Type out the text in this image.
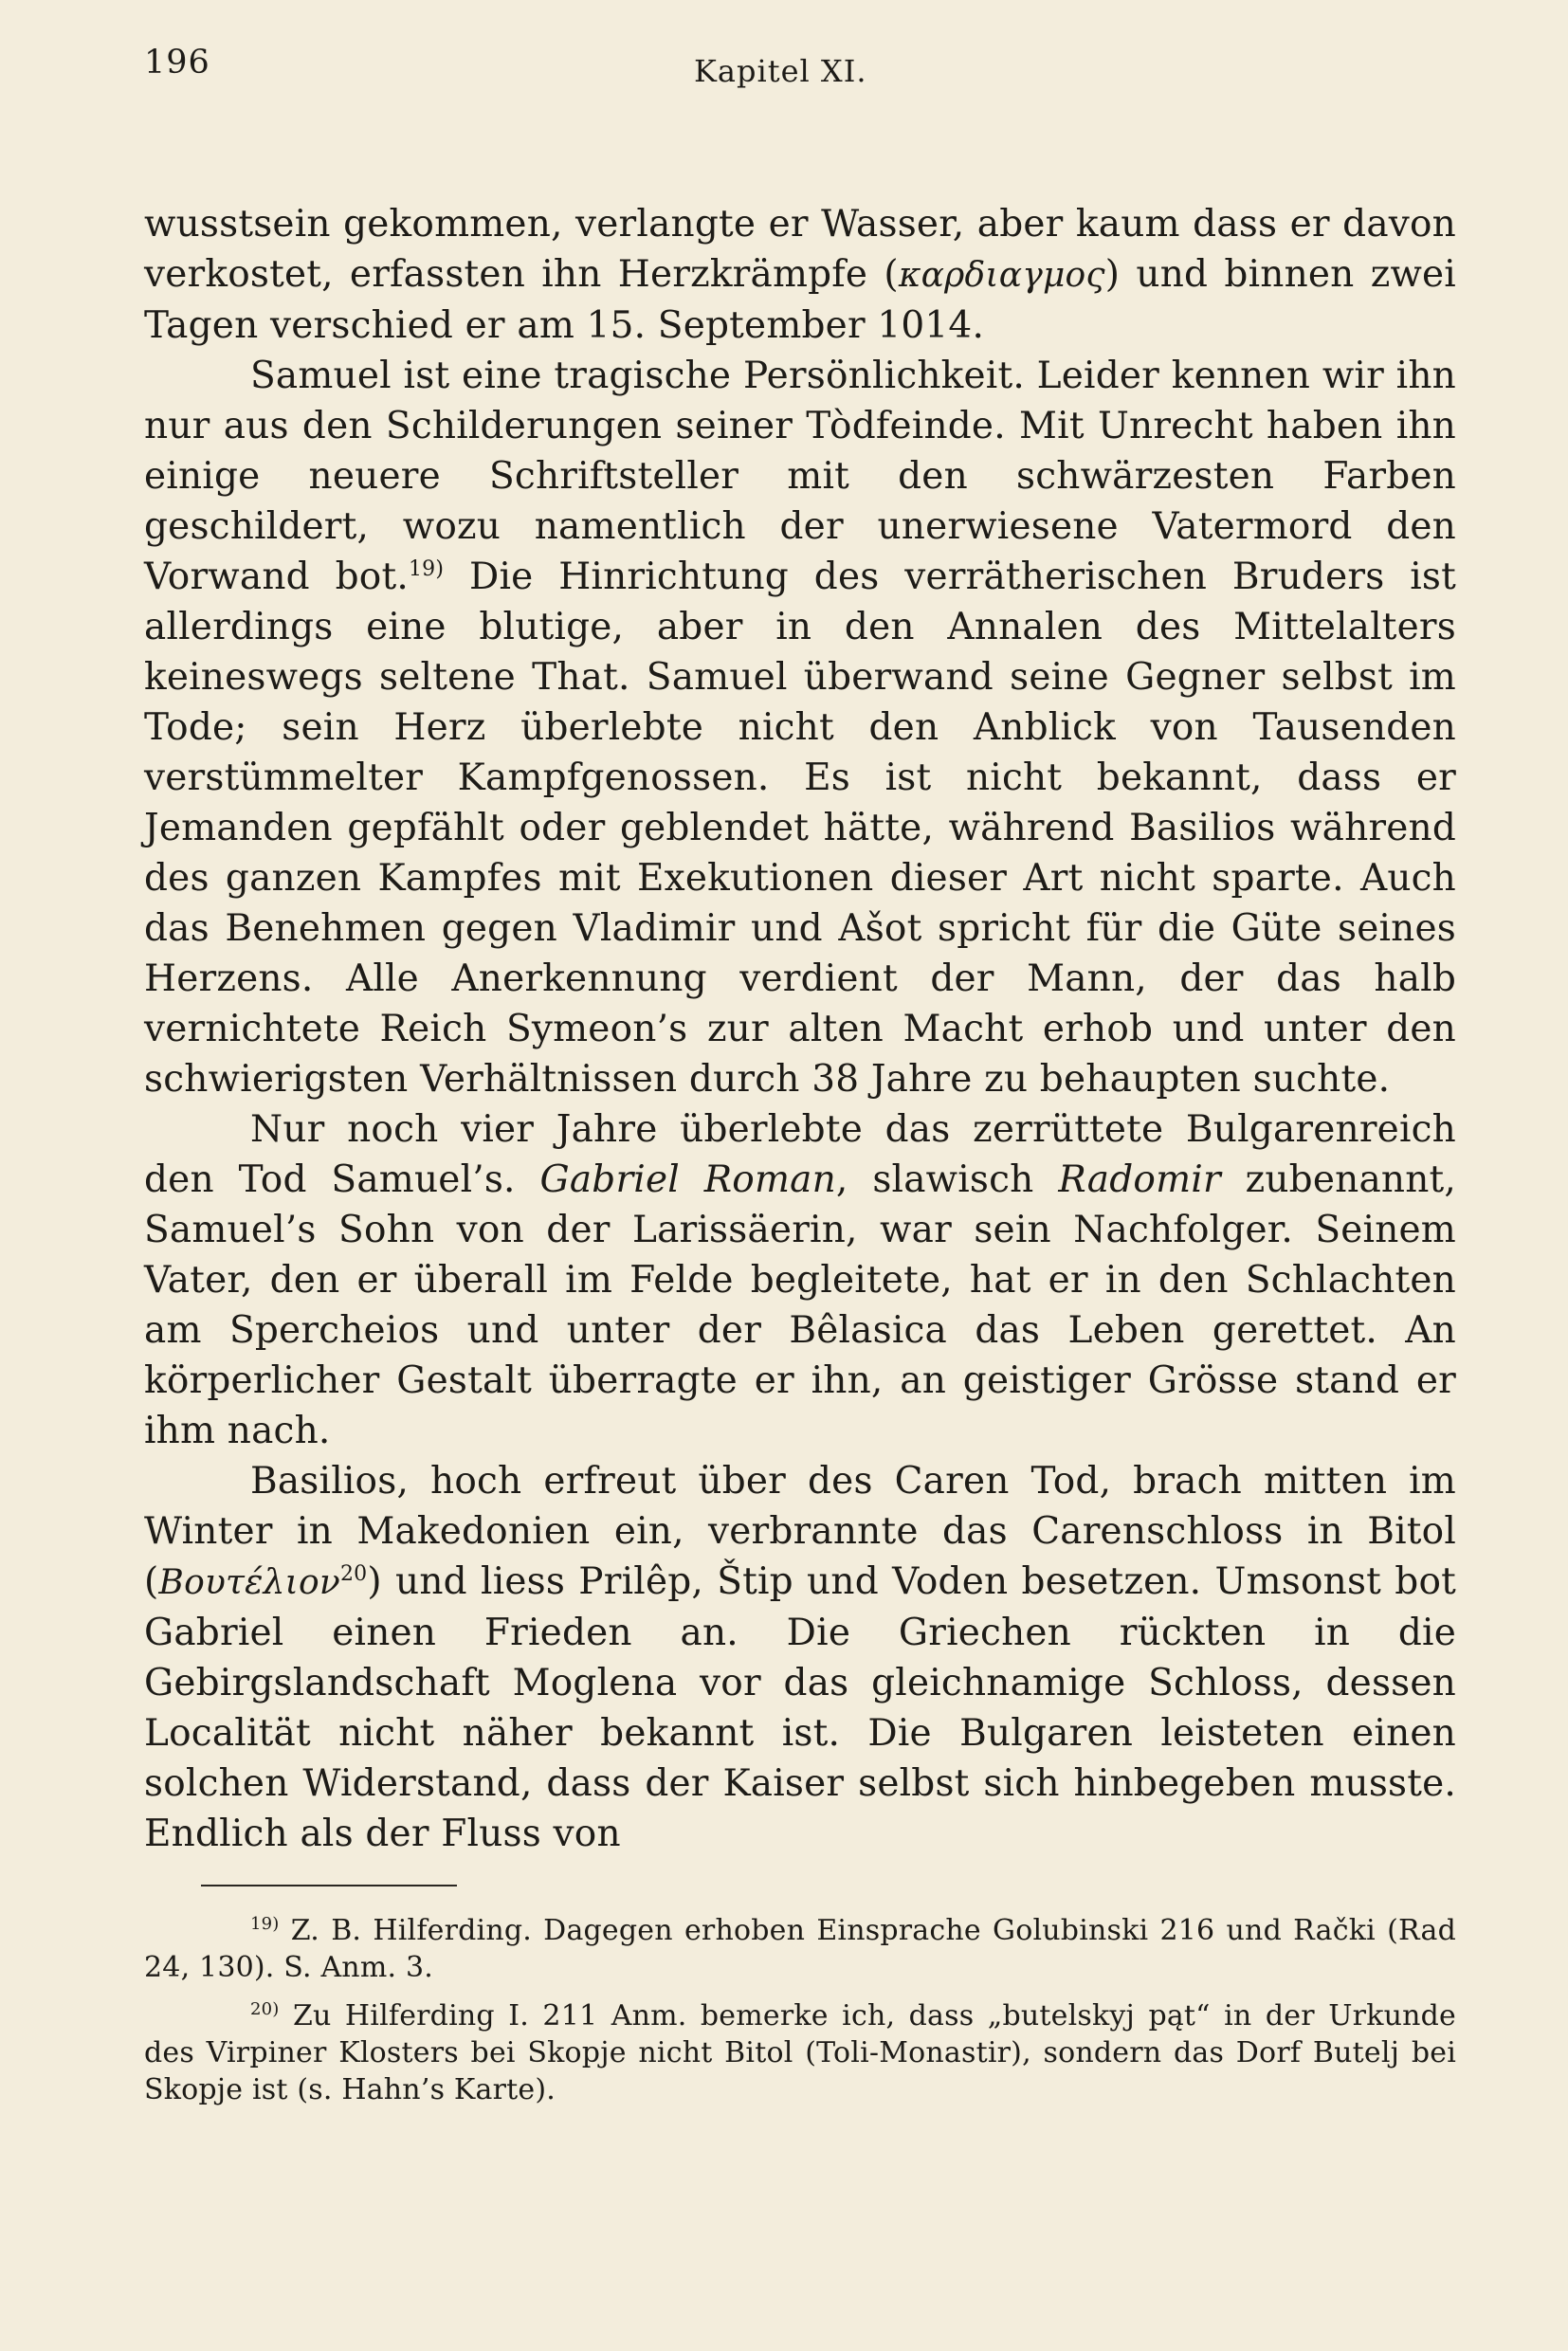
196	Kapitel XI.

wusstsein gekommen, verlangte er Wasser, aber kaum dass er davon verkostet, erfassten ihn Herzkrämpfe (καρδιαγμος) und binnen zwei Tagen verschied er am 15. September 1014.

Samuel ist eine tragische Persönlichkeit. Leider kennen wir ihn nur aus den Schilderungen seiner Tòdfeinde. Mit Unrecht haben ihn einige neuere Schriftsteller mit den schwärzesten Farben geschildert, wozu namentlich der unerwiesene Vatermord den Vorwand bot.$^{19)}$ Die Hinrichtung des verrätherischen Bruders ist allerdings eine blutige, aber in den Annalen des Mittelalters keineswegs seltene That. Samuel überwand seine Gegner selbst im Tode; sein Herz überlebte nicht den Anblick von Tausenden verstümmelter Kampfgenossen. Es ist nicht bekannt, dass er Jemanden gepfählt oder geblendet hätte, während Basilios während des ganzen Kampfes mit Exekutionen dieser Art nicht sparte. Auch das Benehmen gegen Vladimir und Ašot spricht für die Güte seines Herzens. Alle Anerkennung verdient der Mann, der das halb vernichtete Reich Symeon’s zur alten Macht erhob und unter den schwierigsten Verhältnissen durch 38 Jahre zu behaupten suchte.

Nur noch vier Jahre überlebte das zerrüttete Bulgarenreich den Tod Samuel’s. Gabriel Roman, slawisch Radomir zubenannt, Samuel’s Sohn von der Larissäerin, war sein Nachfolger. Seinem Vater, den er überall im Felde begleitete, hat er in den Schlachten am Spercheios und unter der Bêlasica das Leben gerettet. An körperlicher Gestalt überragte er ihn, an geistiger Grösse stand er ihm nach.

Basilios, hoch erfreut über des Caren Tod, brach mitten im Winter in Makedonien ein, verbrannte das Carenschloss in Bitol (Βουτέλιον$^{20}$) und liess Prilêp, Štip und Voden besetzen. Umsonst bot Gabriel einen Frieden an. Die Griechen rückten in die Gebirgslandschaft Moglena vor das gleichnamige Schloss, dessen Localität nicht näher bekannt ist. Die Bulgaren leisteten einen solchen Widerstand, dass der Kaiser selbst sich hinbegeben musste. Endlich als der Fluss von

$^{19)}$ Z. B. Hilferding. Dagegen erhoben Einsprache Golubinski 216 und Rački (Rad 24, 130). S. Anm. 3.

$^{20)}$ Zu Hilferding I. 211 Anm. bemerke ich, dass „butelskyj pąt“ in der Urkunde des Virpiner Klosters bei Skopje nicht Bitol (Toli-Monastir), sondern das Dorf Butelj bei Skopje ist (s. Hahn’s Karte).
